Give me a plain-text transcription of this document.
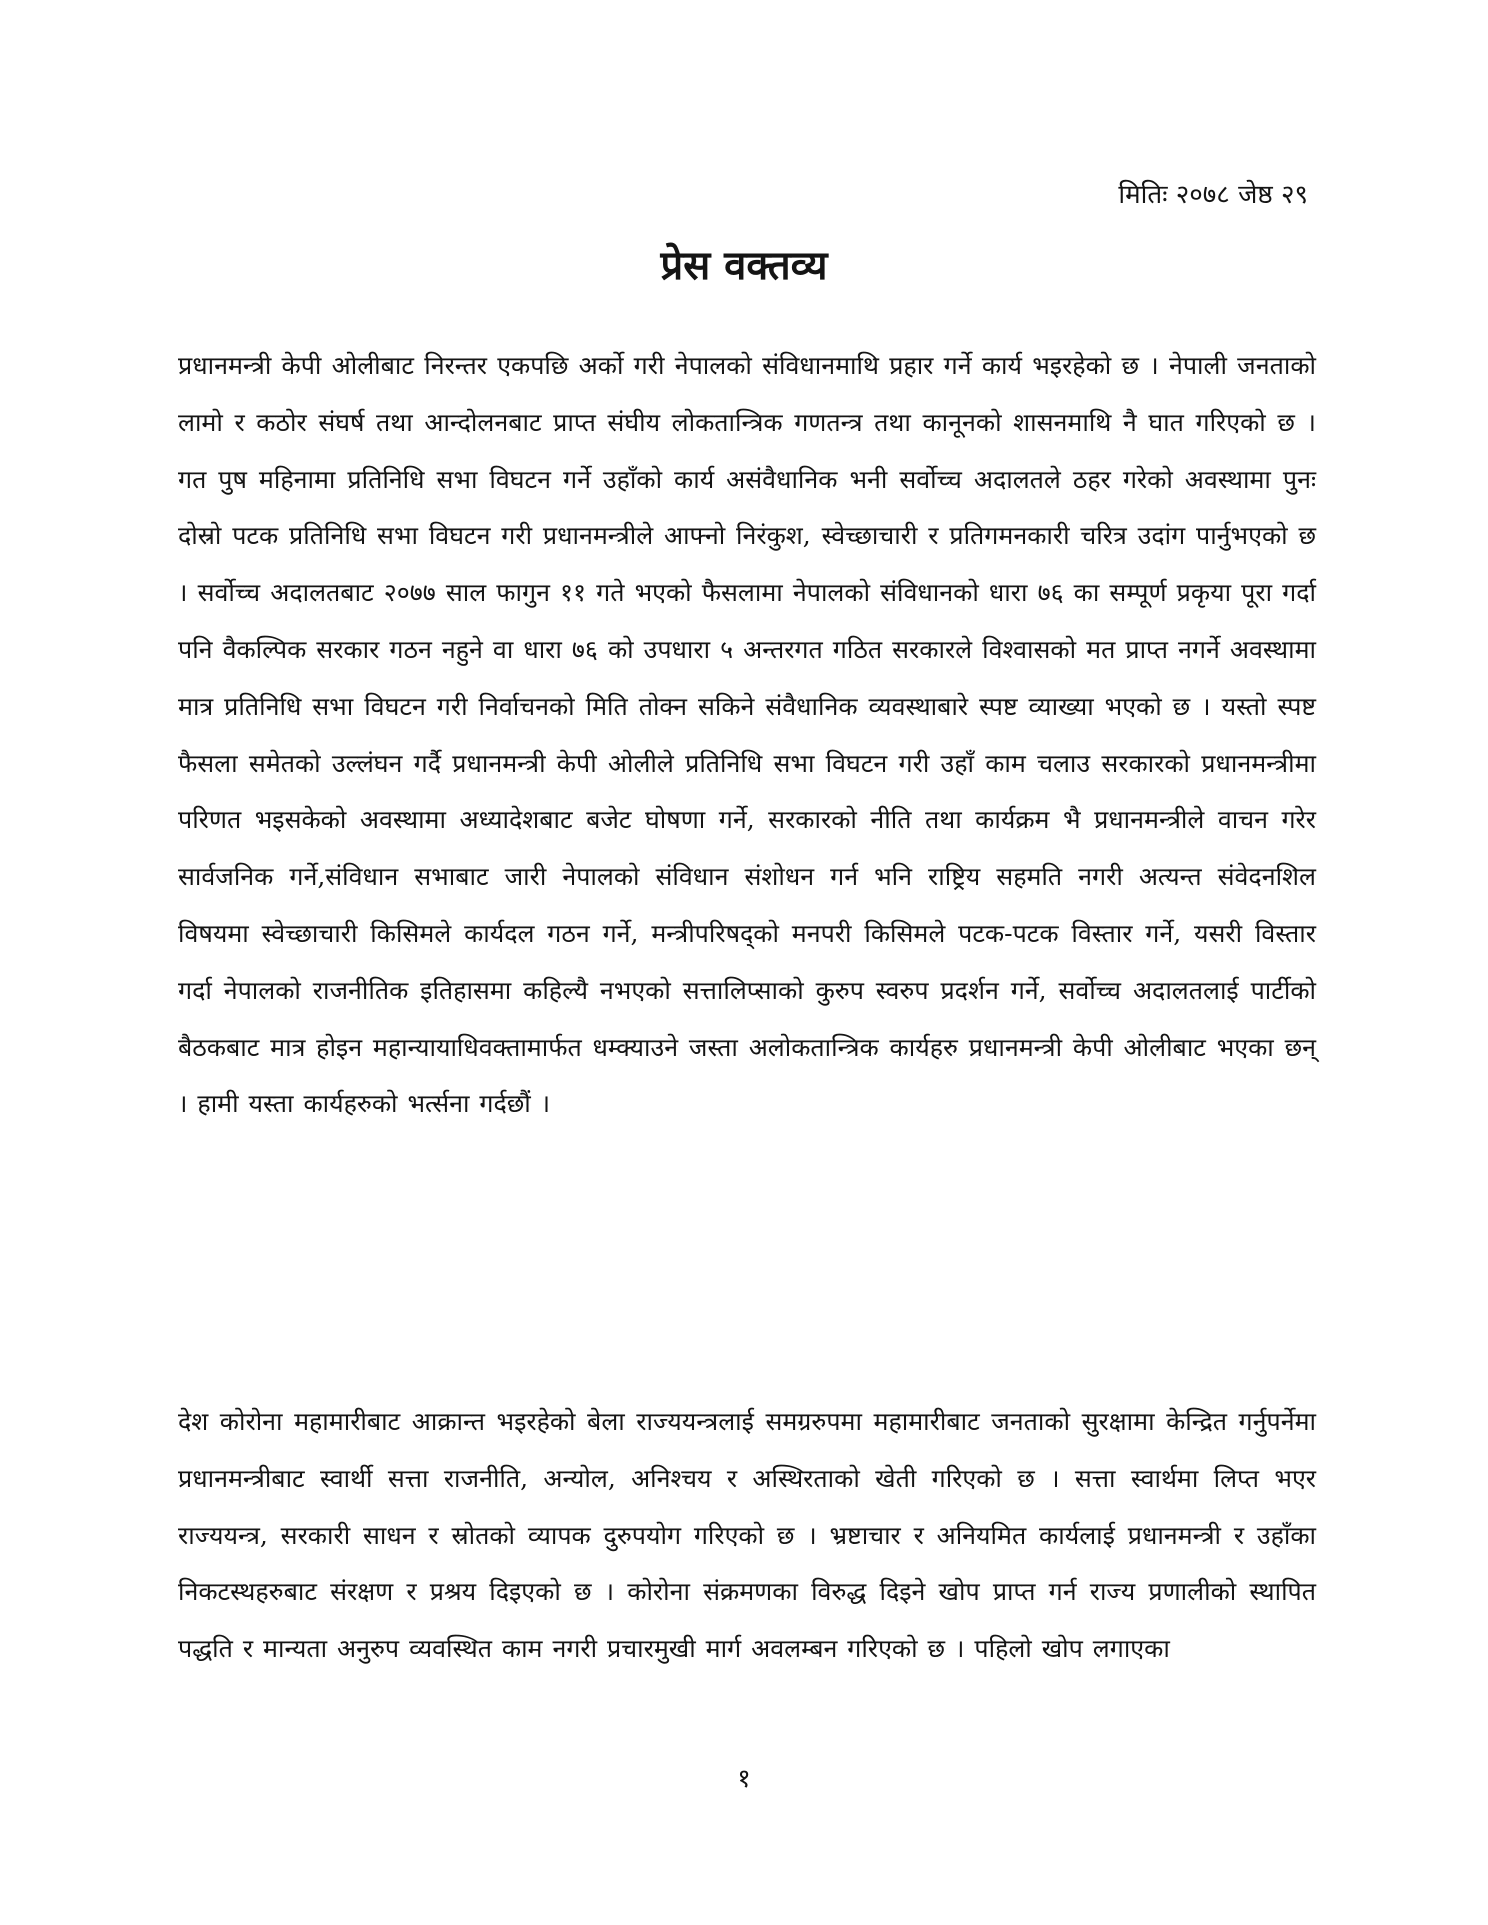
मितिः २०७८ जेष्ठ २९
प्रेस वक्तव्य

प्रधानमन्त्री केपी ओलीबाट निरन्तर एकपछि अर्को गरी नेपालको संविधानमाथि प्रहार गर्ने कार्य भइरहेको छ । नेपाली जनताको लामो र कठोर संघर्ष तथा आन्दोलनबाट प्राप्त संघीय लोकतान्त्रिक गणतन्त्र तथा कानूनको शासनमाथि नै घात गरिएको छ । गत पुष महिनामा प्रतिनिधि सभा विघटन गर्ने उहाँको कार्य असंवैधानिक भनी सर्वोच्च अदालतले ठहर गरेको अवस्थामा पुनः दोस्रो पटक प्रतिनिधि सभा विघटन गरी प्रधानमन्त्रीले आफ्नो निरंकुश, स्वेच्छाचारी र प्रतिगमनकारी चरित्र उदांग पार्नुभएको छ । सर्वोच्च अदालतबाट २०७७ साल फागुन ११ गते भएको फैसलामा नेपालको संविधानको धारा ७६ का सम्पूर्ण प्रकृया पूरा गर्दा पनि वैकल्पिक सरकार गठन नहुने वा धारा ७६ को उपधारा ५ अन्तरगत गठित सरकारले विश्वासको मत प्राप्त नगर्ने अवस्थामा मात्र प्रतिनिधि सभा विघटन गरी निर्वाचनको मिति तोक्न सकिने संवैधानिक व्यवस्थाबारे स्पष्ट व्याख्या भएको छ । यस्तो स्पष्ट फैसला समेतको उल्लंघन गर्दै प्रधानमन्त्री केपी ओलीले प्रतिनिधि सभा विघटन गरी उहाँ काम चलाउ सरकारको प्रधानमन्त्रीमा परिणत भइसकेको अवस्थामा अध्यादेशबाट बजेट घोषणा गर्ने, सरकारको नीति तथा कार्यक्रम भै प्रधानमन्त्रीले वाचन गरेर सार्वजनिक गर्ने,संविधान सभाबाट जारी नेपालको संविधान संशोधन गर्न भनि राष्ट्रिय सहमति नगरी अत्यन्त संवेदनशिल विषयमा स्वेच्छाचारी किसिमले कार्यदल गठन गर्ने, मन्त्रीपरिषद्को मनपरी किसिमले पटक-पटक विस्तार गर्ने, यसरी विस्तार गर्दा नेपालको राजनीतिक इतिहासमा कहिल्यै नभएको सत्तालिप्साको कुरुप स्वरुप प्रदर्शन गर्ने, सर्वोच्च अदालतलाई पार्टीको बैठकबाट मात्र होइन महान्यायाधिवक्तामार्फत धम्क्याउने जस्ता अलोकतान्त्रिक कार्यहरु प्रधानमन्त्री केपी ओलीबाट भएका छन् । हामी यस्ता कार्यहरुको भर्त्सना गर्दछौं ।

देश कोरोना महामारीबाट आक्रान्त भइरहेको बेला राज्ययन्त्रलाई समग्ररुपमा महामारीबाट जनताको सुरक्षामा केन्द्रित गर्नुपर्नेमा प्रधानमन्त्रीबाट स्वार्थी सत्ता राजनीति, अन्योल, अनिश्चय र अस्थिरताको खेती गरिएको छ । सत्ता स्वार्थमा लिप्त भएर राज्ययन्त्र, सरकारी साधन र स्रोतको व्यापक दुरुपयोग गरिएको छ । भ्रष्टाचार र अनियमित कार्यलाई प्रधानमन्त्री र उहाँका निकटस्थहरुबाट संरक्षण र प्रश्रय दिइएको छ । कोरोना संक्रमणका विरुद्ध दिइने खोप प्राप्त गर्न राज्य प्रणालीको स्थापित पद्धति र मान्यता अनुरुप व्यवस्थित काम नगरी प्रचारमुखी मार्ग अवलम्बन गरिएको छ । पहिलो खोप लगाएका

१
